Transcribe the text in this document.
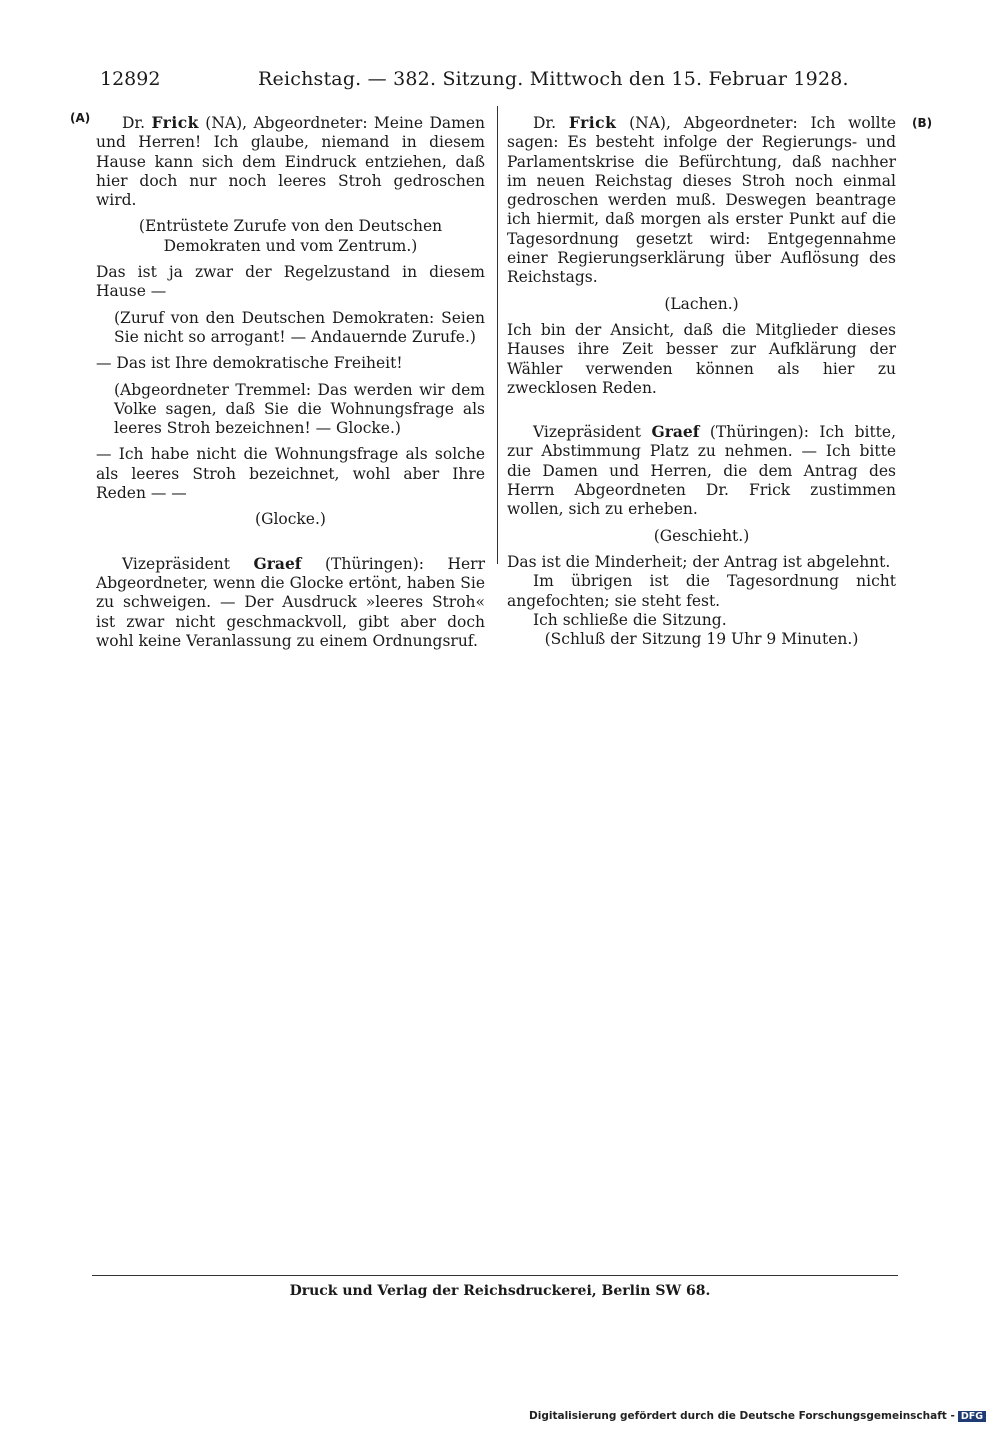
12892	Reichstag. — 382. Sitzung. Mittwoch den 15. Februar 1928.
(A)	(B)

Dr. Frick (NA), Abgeordneter: Meine Damen und Herren! Ich glaube, niemand in diesem Hause kann sich dem Eindruck entziehen, daß hier doch nur noch leeres Stroh gedroschen wird.

(Entrüstete Zurufe von den Deutschen Demokraten und vom Zentrum.)

Das ist ja zwar der Regelzustand in diesem Hause —

(Zuruf von den Deutschen Demokraten: Seien Sie nicht so arrogant! — Andauernde Zurufe.)

— Das ist Ihre demokratische Freiheit!

(Abgeordneter Tremmel: Das werden wir dem Volke sagen, daß Sie die Wohnungsfrage als leeres Stroh bezeichnen! — Glocke.)

— Ich habe nicht die Wohnungsfrage als solche als leeres Stroh bezeichnet, wohl aber Ihre Reden — —

(Glocke.)

Vizepräsident Graef (Thüringen): Herr Abgeordneter, wenn die Glocke ertönt, haben Sie zu schweigen. — Der Ausdruck »leeres Stroh« ist zwar nicht geschmackvoll, gibt aber doch wohl keine Veranlassung zu einem Ordnungsruf.

Dr. Frick (NA), Abgeordneter: Ich wollte sagen: Es besteht infolge der Regierungs- und Parlamentskrise die Befürchtung, daß nachher im neuen Reichstag dieses Stroh noch einmal gedroschen werden muß. Deswegen beantrage ich hiermit, daß morgen als erster Punkt auf die Tagesordnung gesetzt wird: Entgegennahme einer Regierungserklärung über Auflösung des Reichstags.

(Lachen.)

Ich bin der Ansicht, daß die Mitglieder dieses Hauses ihre Zeit besser zur Aufklärung der Wähler verwenden können als hier zu zwecklosen Reden.

Vizepräsident Graef (Thüringen): Ich bitte, zur Abstimmung Platz zu nehmen. — Ich bitte die Damen und Herren, die dem Antrag des Herrn Abgeordneten Dr. Frick zustimmen wollen, sich zu erheben.

(Geschieht.)

Das ist die Minderheit; der Antrag ist abgelehnt.

Im übrigen ist die Tagesordnung nicht angefochten; sie steht fest.

Ich schließe die Sitzung.

(Schluß der Sitzung 19 Uhr 9 Minuten.)

Druck und Verlag der Reichsdruckerei, Berlin SW 68.
Digitalisierung gefördert durch die Deutsche Forschungsgemeinschaft - DFG
